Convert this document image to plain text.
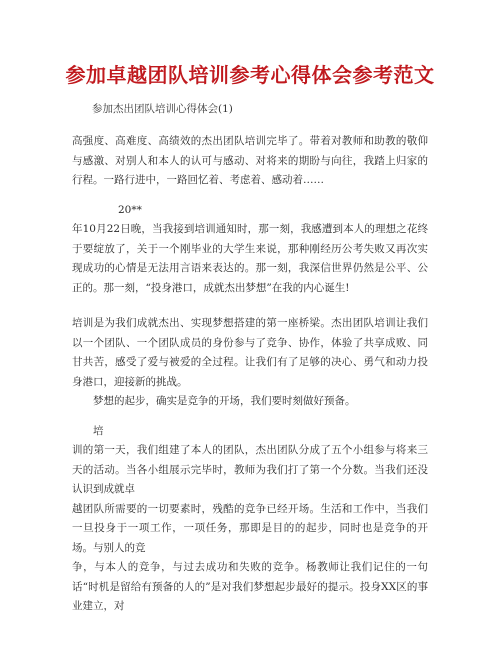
参加卓越团队培训参考心得体会参考范文
参加杰出团队培训心得体会(1)

高强度、高难度、高绩效的杰出团队培训完毕了。带着对教师和助教的敬仰与感激、对别人和本人的认可与感动、对将来的期盼与向往，我踏上归家的行程。一路行进中，一路回忆着、考虑着、感动着……

20**

年10月22日晚，当我接到培训通知时，那一刻，我感遭到本人的理想之花终于要绽放了，关于一个刚毕业的大学生来说，那种刚经历公考失败又再次实现成功的心情是无法用言语来表达的。那一刻，我深信世界仍然是公平、公正的。那一刻，“投身港口，成就杰出梦想”在我的内心诞生!

培训是为我们成就杰出、实现梦想搭建的第一座桥梁。杰出团队培训让我们以一个团队、一个团队成员的身份参与了竞争、协作，体验了共享成败、同甘共苦，感受了爱与被爱的全过程。让我们有了足够的决心、勇气和动力投身港口，迎接新的挑战。

梦想的起步，确实是竞争的开场，我们要时刻做好预备。

培

训的第一天，我们组建了本人的团队，杰出团队分成了五个小组参与将来三天的活动。当各小组展示完毕时，教师为我们打了第一个分数。当我们还没认识到成就卓

越团队所需要的一切要素时，残酷的竞争已经开场。生活和工作中，当我们一旦投身于一项工作，一项任务，那即是目的的起步，同时也是竞争的开场。与别人的竞

争，与本人的竞争，与过去成功和失败的竞争。杨教师让我们记住的一句话“时机是留给有预备的人的”是对我们梦想起步最好的提示。投身XX区的事业建立，对
